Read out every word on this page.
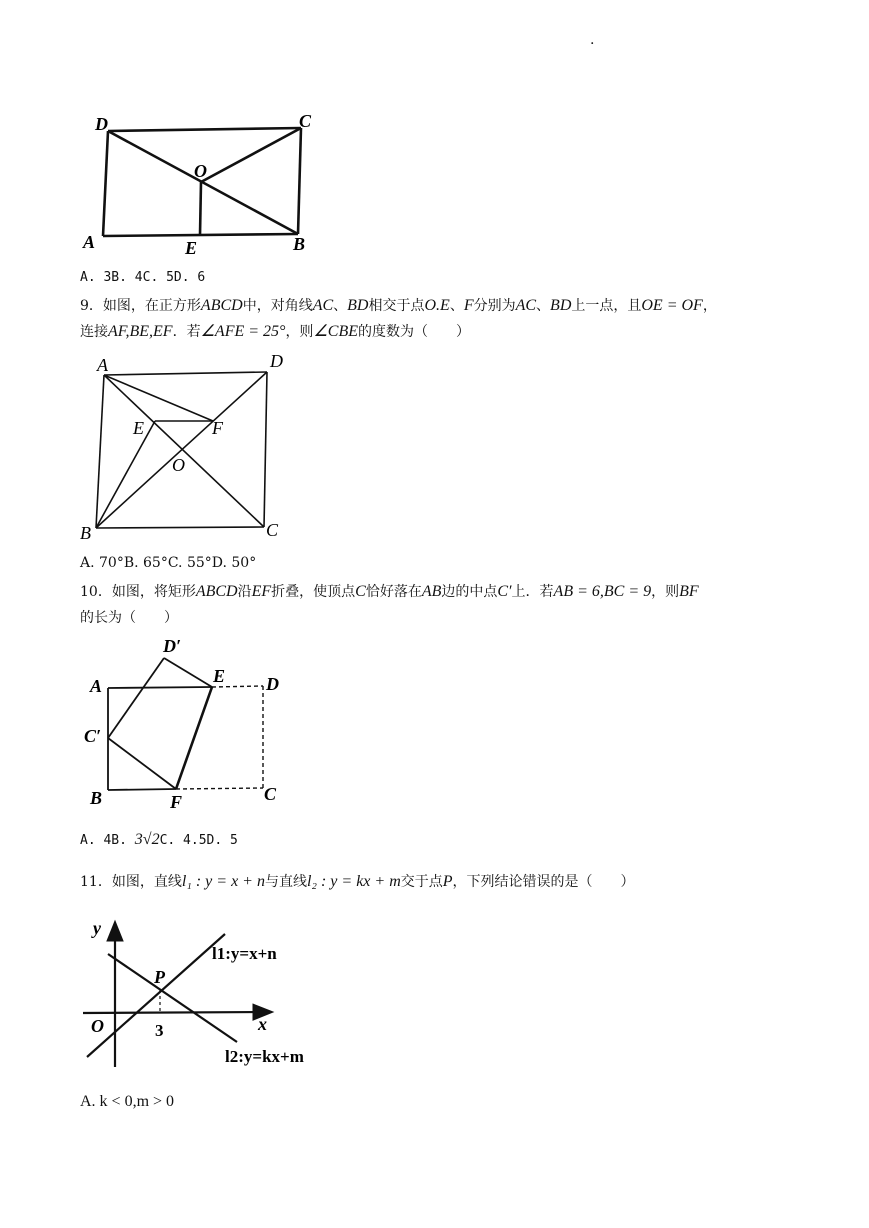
.
D	C
O
A	E	B
A. 3B. 4C. 5D. 6
9．如图，在正方形ABCD中，对角线AC、BD相交于点O.E、F分别为AC、BD上一点，且OE = OF，
连接AF,BE,EF．若∠AFE = 25°，则∠CBE的度数为（　　）
A	D
E	F
O
B	C
A. 70°B. 65°C. 55°D. 50°
10．如图，将矩形ABCD沿EF折叠，使顶点C恰好落在AB边的中点C′上．若AB = 6,BC = 9，则BF
的长为（　　）
D′
E
A	D
C′
B	F	C
A. 4B. 3√2C. 4.5D. 5
11．如图，直线l₁ : y = x + n与直线l₂ : y = kx + m交于点P，下列结论错误的是（　　）
y
x
O
P
3
l1:y=x+n
l2:y=kx+m
A. k < 0,m > 0
